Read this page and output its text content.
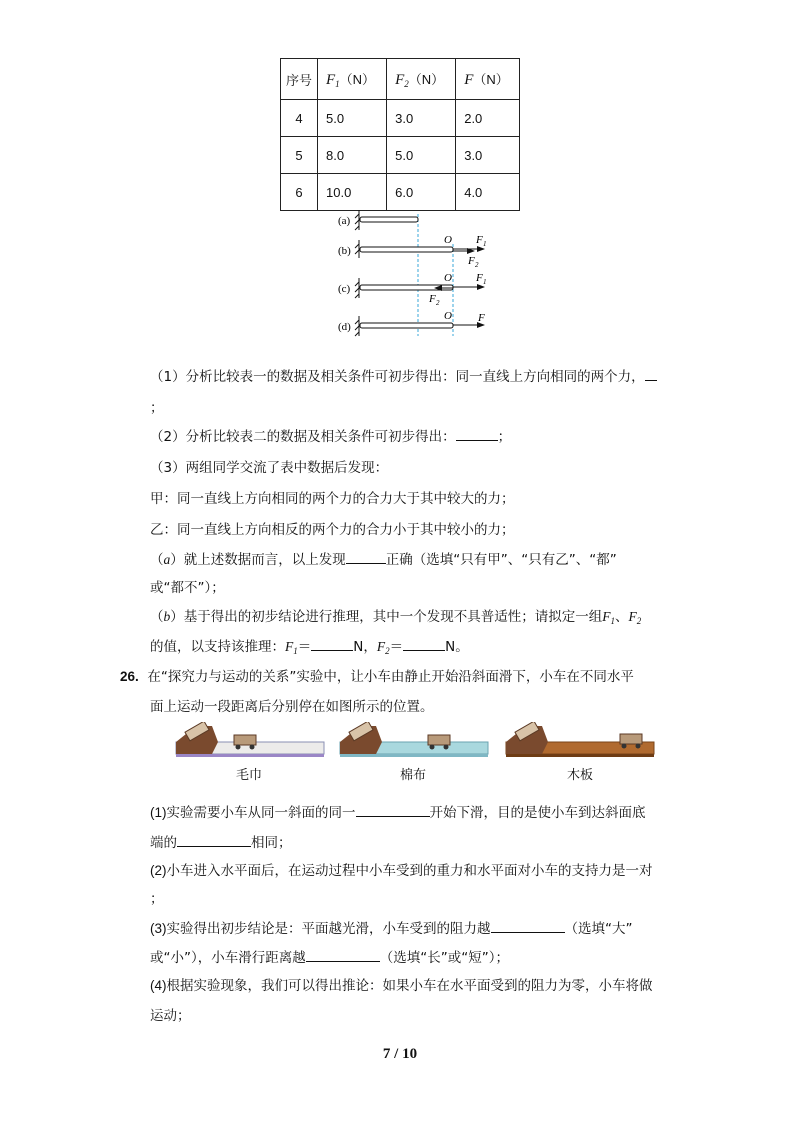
序号	$F_1(N)$	$F_2(N)$	F（N）
4	5.0	3.0	2.0
5	8.0	5.0	3.0
6	10.0	6.0	4.0
(a)
(b)
(c)
(d)
O F 1
F 2
O F 1
F 2
O F
（1）分析比较表一的数据及相关条件可初步得出：同一直线上方向相同的两个力，
；
（2）分析比较表二的数据及相关条件可初步得出：	；
（3）两组同学交流了表中数据后发现：
甲：同一直线上方向相同的两个力的合力大于其中较大的力；
乙：同一直线上方向相反的两个力的合力小于其中较小的力；
（a）就上述数据而言，以上发现	正确（选填“只有甲”、“只有乙”、“都”
或“都不”）；
（b）基于得出的初步结论进行推理，其中一个发现不具普适性；请拟定一组$F_1$、$F_2$
的值，以支持该推理：$F_1=$	N，$F_2=$	N。
26. 在“探究力与运动的关系”实验中，让小车由静止开始沿斜面滑下，小车在不同水平
面上运动一段距离后分别停在如图所示的位置。
毛巾	棉布	木板
(1)实验需要小车从同一斜面的同一	开始下滑，目的是使小车到达斜面底
端的	相同；
(2)小车进入水平面后，在运动过程中小车受到的重力和水平面对小车的支持力是一对
；
(3)实验得出初步结论是：平面越光滑，小车受到的阻力越	（选填“大”
或“小”），小车滑行距离越	（选填“长”或“短”）；
(4)根据实验现象，我们可以得出推论：如果小车在水平面受到的阻力为零，小车将做
运动；
7 / 10
